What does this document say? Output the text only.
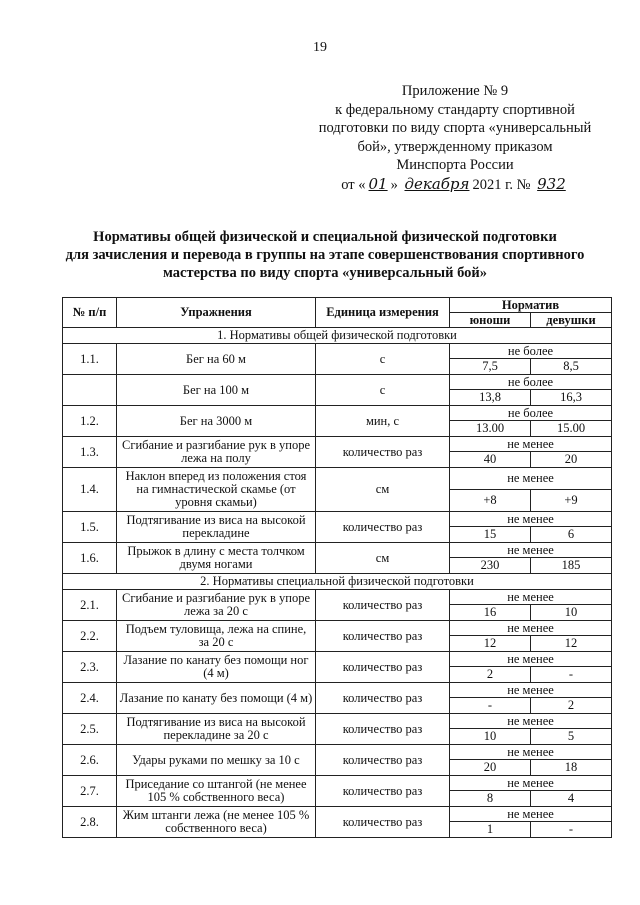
19
Приложение № 9
к федеральному стандарту спортивной
подготовки по виду спорта «универсальный
бой», утвержденному приказом
Минспорта России
от « 01 » декабря 2021 г. № 932
Нормативы общей физической и специальной физической подготовки
для зачисления и перевода в группы на этапе совершенствования спортивного
мастерства по виду спорта «универсальный бой»
№ п/п	Упражнения	Единица измерения	Норматив	
			юноши	девушки
1. Нормативы общей физической подготовки				
1.1.	Бег на 60 м	с	не более	
			7,5	8,5
	Бег на 100 м	с	не более	
			13,8	16,3
1.2.	Бег на 3000 м	мин, с	не более	
			13.00	15.00
1.3.	Сгибание и разгибание рук в упоре лежа на полу	количество раз	не менее	
			40	20
1.4.	Наклон вперед из положения стоя на гимнастической скамье (от уровня скамьи)	см	не менее	
			+8	+9
1.5.	Подтягивание из виса на высокой перекладине	количество раз	не менее	
			15	6
1.6.	Прыжок в длину с места толчком двумя ногами	см	не менее	
			230	185
2. Нормативы специальной физической подготовки				
2.1.	Сгибание и разгибание рук в упоре лежа за 20 с	количество раз	не менее	
			16	10
2.2.	Подъем туловища, лежа на спине, за 20 с	количество раз	не менее	
			12	12
2.3.	Лазание по канату без помощи ног (4 м)	количество раз	не менее	
			2	-
2.4.	Лазание по канату без помощи (4 м)	количество раз	не менее	
			-	2
2.5.	Подтягивание из виса на высокой перекладине за 20 с	количество раз	не менее	
			10	5
2.6.	Удары руками по мешку за 10 с	количество раз	не менее	
			20	18
2.7.	Приседание со штангой (не менее 105 % собственного веса)	количество раз	не менее	
			8	4
2.8.	Жим штанги лежа (не менее 105 % собственного веса)	количество раз	не менее	
			1	-
